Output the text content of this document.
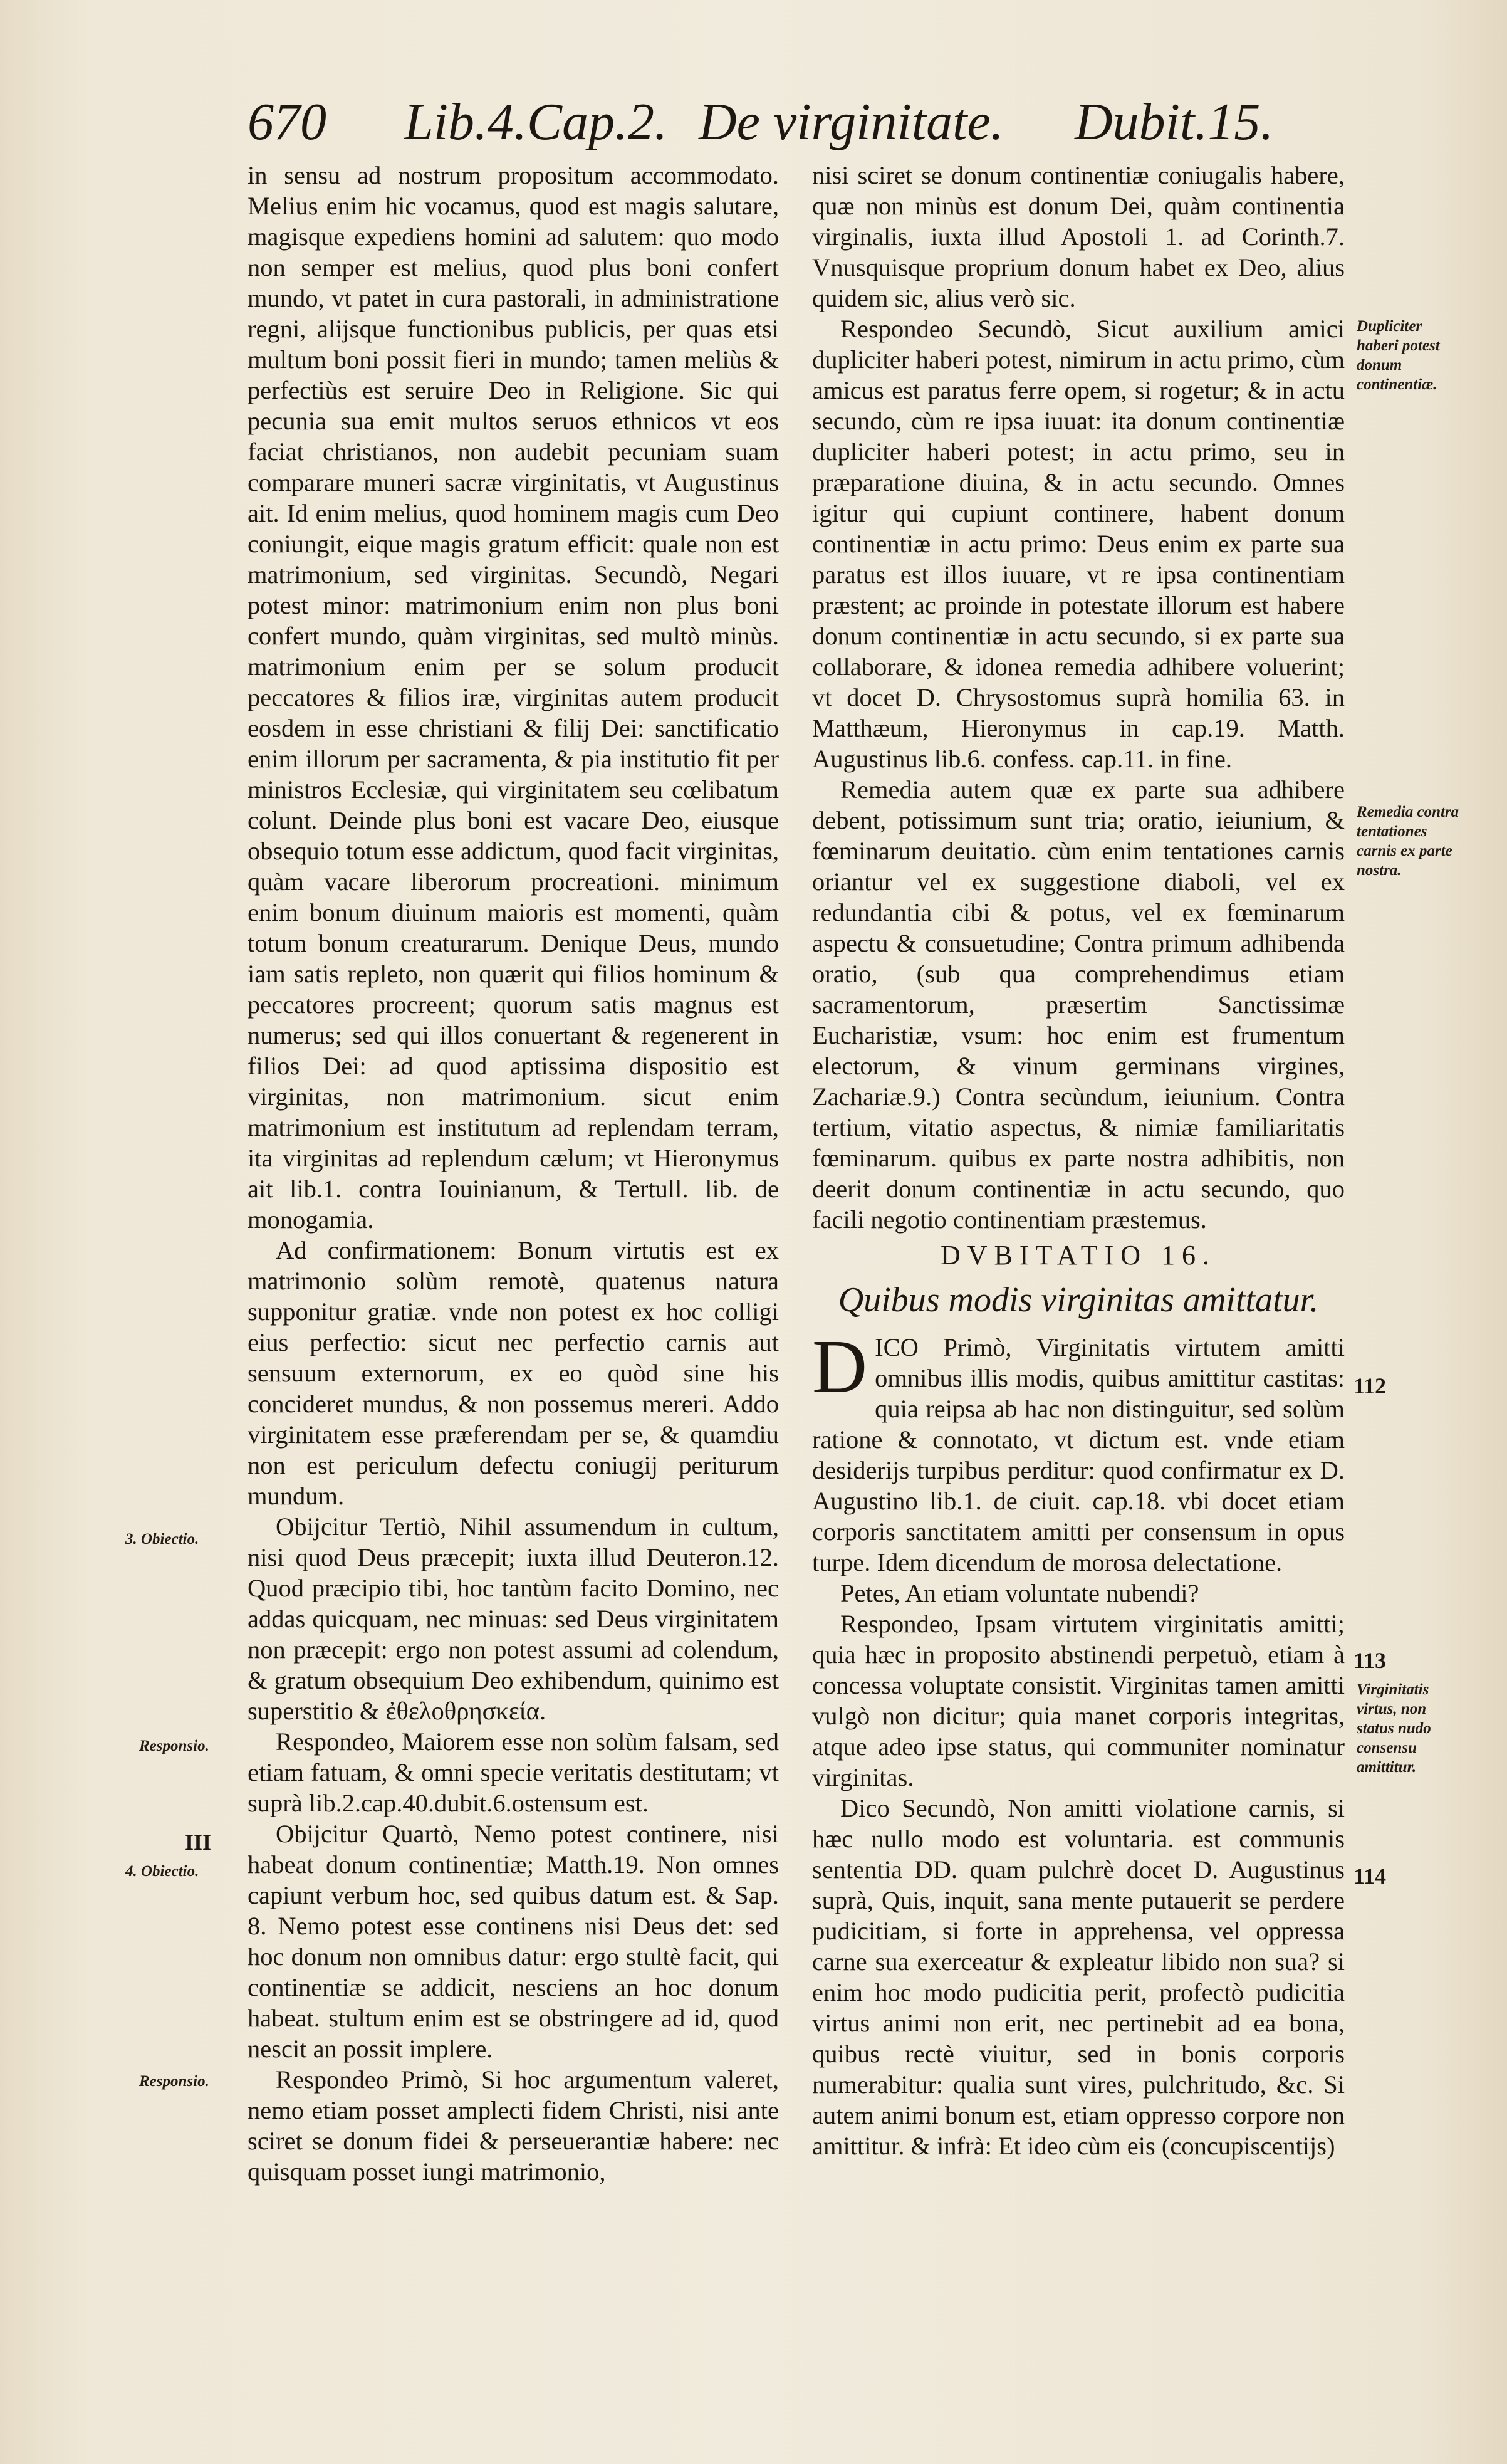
670 Lib.4.Cap.2. De virginitate. Dubit.15.

in sensu ad nostrum propositum accommodato. Melius enim hic vocamus, quod est magis salutare, magisque expediens homini ad salutem: quo modo non semper est melius, quod plus boni confert mundo, vt patet in cura pastorali, in administratione regni, alijsque functionibus publicis, per quas etsi multum boni possit fieri in mundo; tamen meliùs & perfectiùs est seruire Deo in Religione. Sic qui pecunia sua emit multos seruos ethnicos vt eos faciat christianos, non audebit pecuniam suam comparare muneri sacræ virginitatis, vt Augustinus ait. Id enim melius, quod hominem magis cum Deo coniungit, eique magis gratum efficit: quale non est matrimonium, sed virginitas. Secundò, Negari potest minor: matrimonium enim non plus boni confert mundo, quàm virginitas, sed multò minùs. matrimonium enim per se solum producit peccatores & filios iræ, virginitas autem producit eosdem in esse christiani & filij Dei: sanctificatio enim illorum per sacramenta, & pia institutio fit per ministros Ecclesiæ, qui virginitatem seu cœlibatum colunt. Deinde plus boni est vacare Deo, eiusque obsequio totum esse addictum, quod facit virginitas, quàm vacare liberorum procreationi. minimum enim bonum diuinum maioris est momenti, quàm totum bonum creaturarum. Denique Deus, mundo iam satis repleto, non quærit qui filios hominum & peccatores procreent; quorum satis magnus est numerus; sed qui illos conuertant & regenerent in filios Dei: ad quod aptissima dispositio est virginitas, non matrimonium. sicut enim matrimonium est institutum ad replendam terram, ita virginitas ad replendum cælum; vt Hieronymus ait lib.1. contra Iouinianum, & Tertull. lib. de monogamia.

Ad confirmationem: Bonum virtutis est ex matrimonio solùm remotè, quatenus natura supponitur gratiæ. vnde non potest ex hoc colligi eius perfectio: sicut nec perfectio carnis aut sensuum externorum, ex eo quòd sine his concideret mundus, & non possemus mereri. Addo virginitatem esse præferendam per se, & quamdiu non est periculum defectu coniugij periturum mundum.

Obijcitur Tertiò, Nihil assumendum in cultum, nisi quod Deus præcepit; iuxta illud Deuteron.12. Quod præcipio tibi, hoc tantùm facito Domino, nec addas quicquam, nec minuas: sed Deus virginitatem non præcepit: ergo non potest assumi ad colendum, & gratum obsequium Deo exhibendum, quinimo est superstitio & ἐθελοθρησκεία.

Respondeo, Maiorem esse non solùm falsam, sed etiam fatuam, & omni specie veritatis destitutam; vt suprà lib.2.cap.40.dubit.6.ostensum est.

Obijcitur Quartò, Nemo potest continere, nisi habeat donum continentiæ; Matth.19. Non omnes capiunt verbum hoc, sed quibus datum est. & Sap. 8. Nemo potest esse continens nisi Deus det: sed hoc donum non omnibus datur: ergo stultè facit, qui continentiæ se addicit, nesciens an hoc donum habeat. stultum enim est se obstringere ad id, quod nescit an possit implere.

Respondeo Primò, Si hoc argumentum valeret, nemo etiam posset amplecti fidem Christi, nisi ante sciret se donum fidei & perseuerantiæ habere: nec quisquam posset iungi matrimonio,

nisi sciret se donum continentiæ coniugalis habere, quæ non minùs est donum Dei, quàm continentia virginalis, iuxta illud Apostoli 1. ad Corinth.7. Vnusquisque proprium donum habet ex Deo, alius quidem sic, alius verò sic.

Respondeo Secundò, Sicut auxilium amici dupliciter haberi potest, nimirum in actu primo, cùm amicus est paratus ferre opem, si rogetur; & in actu secundo, cùm re ipsa iuuat: ita donum continentiæ dupliciter haberi potest; in actu primo, seu in præparatione diuina, & in actu secundo. Omnes igitur qui cupiunt continere, habent donum continentiæ in actu primo: Deus enim ex parte sua paratus est illos iuuare, vt re ipsa continentiam præstent; ac proinde in potestate illorum est habere donum continentiæ in actu secundo, si ex parte sua collaborare, & idonea remedia adhibere voluerint; vt docet D. Chrysostomus suprà homilia 63. in Matthæum, Hieronymus in cap.19. Matth. Augustinus lib.6. confess. cap.11. in fine.

Remedia autem quæ ex parte sua adhibere debent, potissimum sunt tria; oratio, ieiunium, & fœminarum deuitatio. cùm enim tentationes carnis oriantur vel ex suggestione diaboli, vel ex redundantia cibi & potus, vel ex fœminarum aspectu & consuetudine; Contra primum adhibenda oratio, (sub qua comprehendimus etiam sacramentorum, præsertim Sanctissimæ Eucharistiæ, vsum: hoc enim est frumentum electorum, & vinum germinans virgines, Zachariæ.9.) Contra secùndum, ieiunium. Contra tertium, vitatio aspectus, & nimiæ familiaritatis fœminarum. quibus ex parte nostra adhibitis, non deerit donum continentiæ in actu secundo, quo facili negotio continentiam præstemus.

DVBITATIO 16.
Quibus modis virginitas amittatur.

DICO Primò, Virginitatis virtutem amitti omnibus illis modis, quibus amittitur castitas: quia reipsa ab hac non distinguitur, sed solùm ratione & connotato, vt dictum est. vnde etiam desiderijs turpibus perditur: quod confirmatur ex D. Augustino lib.1. de ciuit. cap.18. vbi docet etiam corporis sanctitatem amitti per consensum in opus turpe. Idem dicendum de morosa delectatione.

Petes, An etiam voluntate nubendi?

Respondeo, Ipsam virtutem virginitatis amitti; quia hæc in proposito abstinendi perpetuò, etiam à concessa voluptate consistit. Virginitas tamen amitti vulgò non dicitur; quia manet corporis integritas, atque adeo ipse status, qui communiter nominatur virginitas.

Dico Secundò, Non amitti violatione carnis, si hæc nullo modo est voluntaria. est communis sententia DD. quam pulchrè docet D. Augustinus suprà, Quis, inquit, sana mente putauerit se perdere pudicitiam, si forte in apprehensa, vel oppressa carne sua exerceatur & expleatur libido non sua? si enim hoc modo pudicitia perit, profectò pudicitia virtus animi non erit, nec pertinebit ad ea bona, quibus rectè viuitur, sed in bonis corporis numerabitur: qualia sunt vires, pulchritudo, &c. Si autem animi bonum est, etiam oppresso corpore non amittitur. & infrà: Et ideo cùm eis (concupiscentijs)

3. Obiectio.
Responsio.
III
4. Obiectio.
Responsio.
Dupliciter haberi potest donum continentiæ.
Remedia contra tentationes carnis ex parte nostra.
112
113
Virginitatis virtus, non status nudo consensu amittitur.
114
